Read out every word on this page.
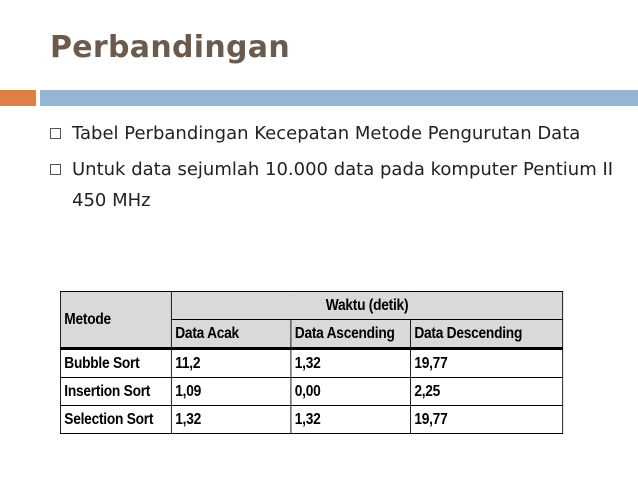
Perbandingan
Tabel Perbandingan Kecepatan Metode Pengurutan Data
Untuk data sejumlah 10.000 data pada komputer Pentium II 450 MHz
Metode	Waktu (detik)		
	Data Acak	Data Ascending	Data Descending
Bubble Sort	11,2	1,32	19,77
Insertion Sort	1,09	0,00	2,25
Selection Sort	1,32	1,32	19,77
